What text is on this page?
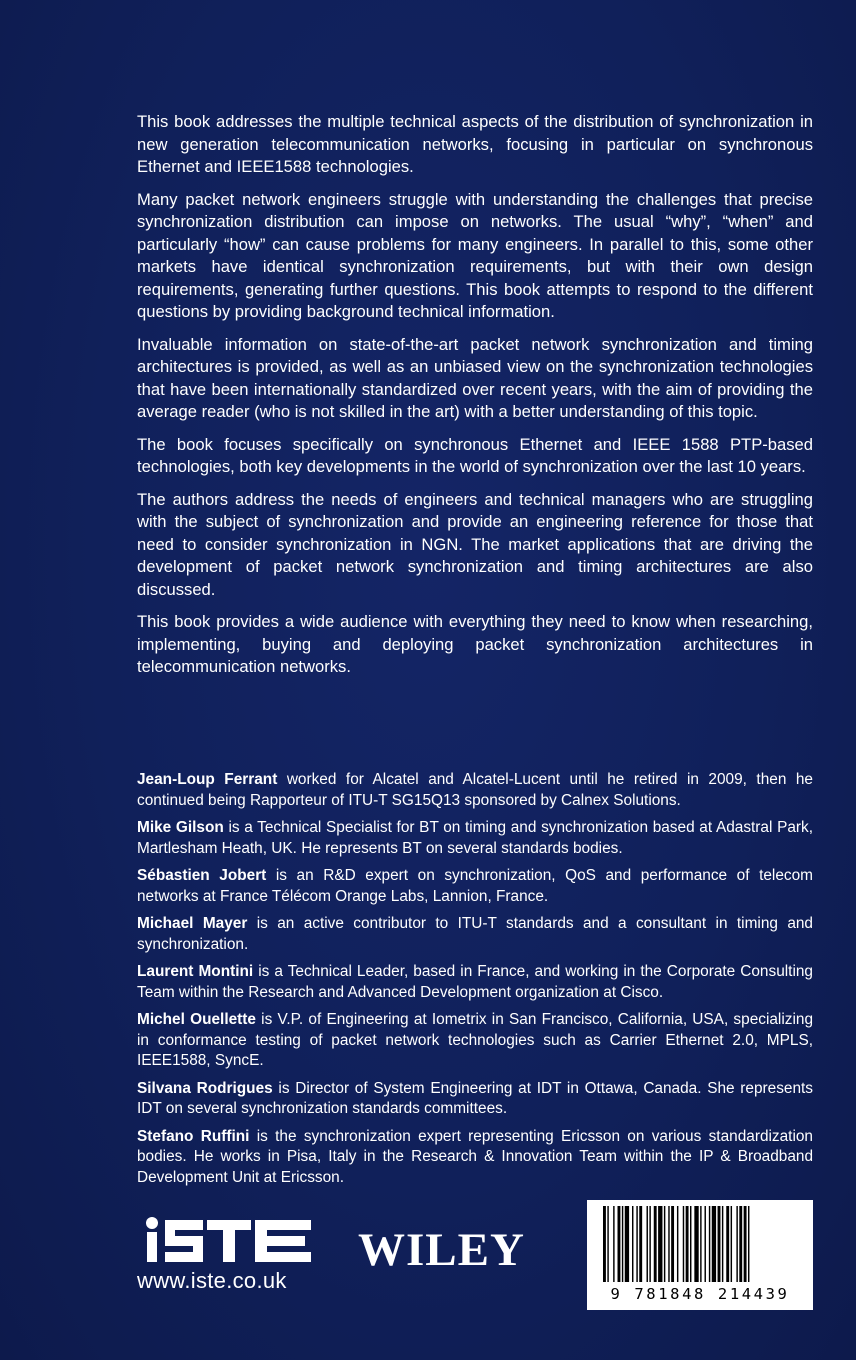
This book addresses the multiple technical aspects of the distribution of synchronization in new generation telecommunication networks, focusing in particular on synchronous Ethernet and IEEE1588 technologies.

Many packet network engineers struggle with understanding the challenges that precise synchronization distribution can impose on networks. The usual “why”, “when” and particularly “how” can cause problems for many engineers. In parallel to this, some other markets have identical synchronization requirements, but with their own design requirements, generating further questions. This book attempts to respond to the different questions by providing background technical information.

Invaluable information on state-of-the-art packet network synchronization and timing architectures is provided, as well as an unbiased view on the synchronization technologies that have been internationally standardized over recent years, with the aim of providing the average reader (who is not skilled in the art) with a better understanding of this topic.

The book focuses specifically on synchronous Ethernet and IEEE 1588 PTP-based technologies, both key developments in the world of synchronization over the last 10 years.

The authors address the needs of engineers and technical managers who are struggling with the subject of synchronization and provide an engineering reference for those that need to consider synchronization in NGN. The market applications that are driving the development of packet network synchronization and timing architectures are also discussed.

This book provides a wide audience with everything they need to know when researching, implementing, buying and deploying packet synchronization architectures in telecommunication networks.

Jean-Loup Ferrant worked for Alcatel and Alcatel-Lucent until he retired in 2009, then he continued being Rapporteur of ITU-T SG15Q13 sponsored by Calnex Solutions.

Mike Gilson is a Technical Specialist for BT on timing and synchronization based at Adastral Park, Martlesham Heath, UK. He represents BT on several standards bodies.

Sébastien Jobert is an R&D expert on synchronization, QoS and performance of telecom networks at France Télécom Orange Labs, Lannion, France.

Michael Mayer is an active contributor to ITU-T standards and a consultant in timing and synchronization.

Laurent Montini is a Technical Leader, based in France, and working in the Corporate Consulting Team within the Research and Advanced Development organization at Cisco.

Michel Ouellette is V.P. of Engineering at Iometrix in San Francisco, California, USA, specializing in conformance testing of packet network technologies such as Carrier Ethernet 2.0, MPLS, IEEE1588, SyncE.

Silvana Rodrigues is Director of System Engineering at IDT in Ottawa, Canada. She represents IDT on several synchronization standards committees.

Stefano Ruffini is the synchronization expert representing Ericsson on various standardization bodies. He works in Pisa, Italy in the Research & Innovation Team within the IP & Broadband Development Unit at Ericsson.

www.iste.co.uk
WILEY
9 781848 214439
